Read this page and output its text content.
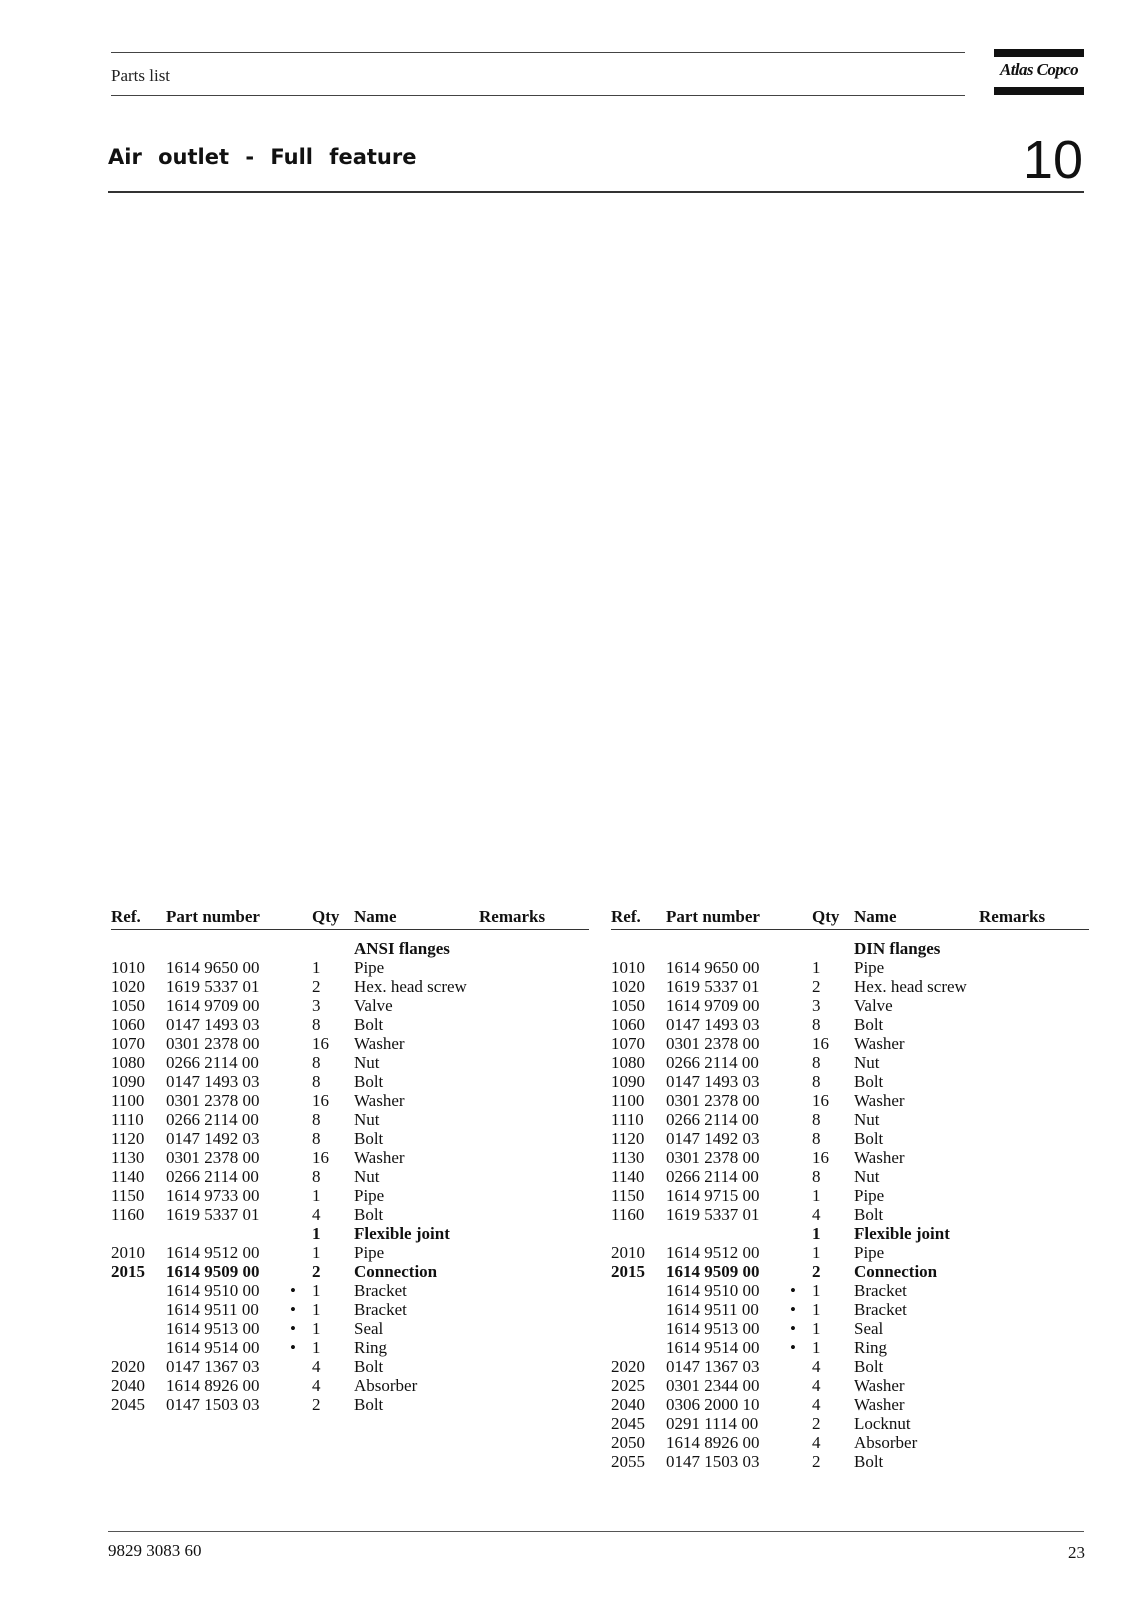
Parts list	Atlas Copco
Air outlet - Full feature	10
Ref. Part number	Qty Name	Remarks
ANSI flanges
1010 1614 9650 00	1 Pipe
1020 1619 5337 01	2 Hex. head screw
1050 1614 9709 00	3 Valve
1060 0147 1493 03	8 Bolt
1070 0301 2378 00	16 Washer
1080 0266 2114 00	8 Nut
1090 0147 1493 03	8 Bolt
1100 0301 2378 00	16 Washer
1110 0266 2114 00	8 Nut
1120 0147 1492 03	8 Bolt
1130 0301 2378 00	16 Washer
1140 0266 2114 00	8 Nut
1150 1614 9733 00	1 Pipe
1160 1619 5337 01	4 Bolt
1 Flexible joint
2010 1614 9512 00	1 Pipe
2015 1614 9509 00	2 Connection
1614 9510 00	• 1 Bracket
1614 9511 00	• 1 Bracket
1614 9513 00	• 1 Seal
1614 9514 00	• 1 Ring
2020 0147 1367 03	4 Bolt
2040 1614 8926 00	4 Absorber
2045 0147 1503 03	2 Bolt
Ref. Part number	Qty Name	Remarks
DIN flanges
1010 1614 9650 00	1 Pipe
1020 1619 5337 01	2 Hex. head screw
1050 1614 9709 00	3 Valve
1060 0147 1493 03	8 Bolt
1070 0301 2378 00	16 Washer
1080 0266 2114 00	8 Nut
1090 0147 1493 03	8 Bolt
1100 0301 2378 00	16 Washer
1110 0266 2114 00	8 Nut
1120 0147 1492 03	8 Bolt
1130 0301 2378 00	16 Washer
1140 0266 2114 00	8 Nut
1150 1614 9715 00	1 Pipe
1160 1619 5337 01	4 Bolt
1 Flexible joint
2010 1614 9512 00	1 Pipe
2015 1614 9509 00	2 Connection
1614 9510 00	• 1 Bracket
1614 9511 00	• 1 Bracket
1614 9513 00	• 1 Seal
1614 9514 00	• 1 Ring
2020 0147 1367 03	4 Bolt
2025 0301 2344 00	4 Washer
2040 0306 2000 10	4 Washer
2045 0291 1114 00	2 Locknut
2050 1614 8926 00	4 Absorber
2055 0147 1503 03	2 Bolt
9829 3083 60	23
